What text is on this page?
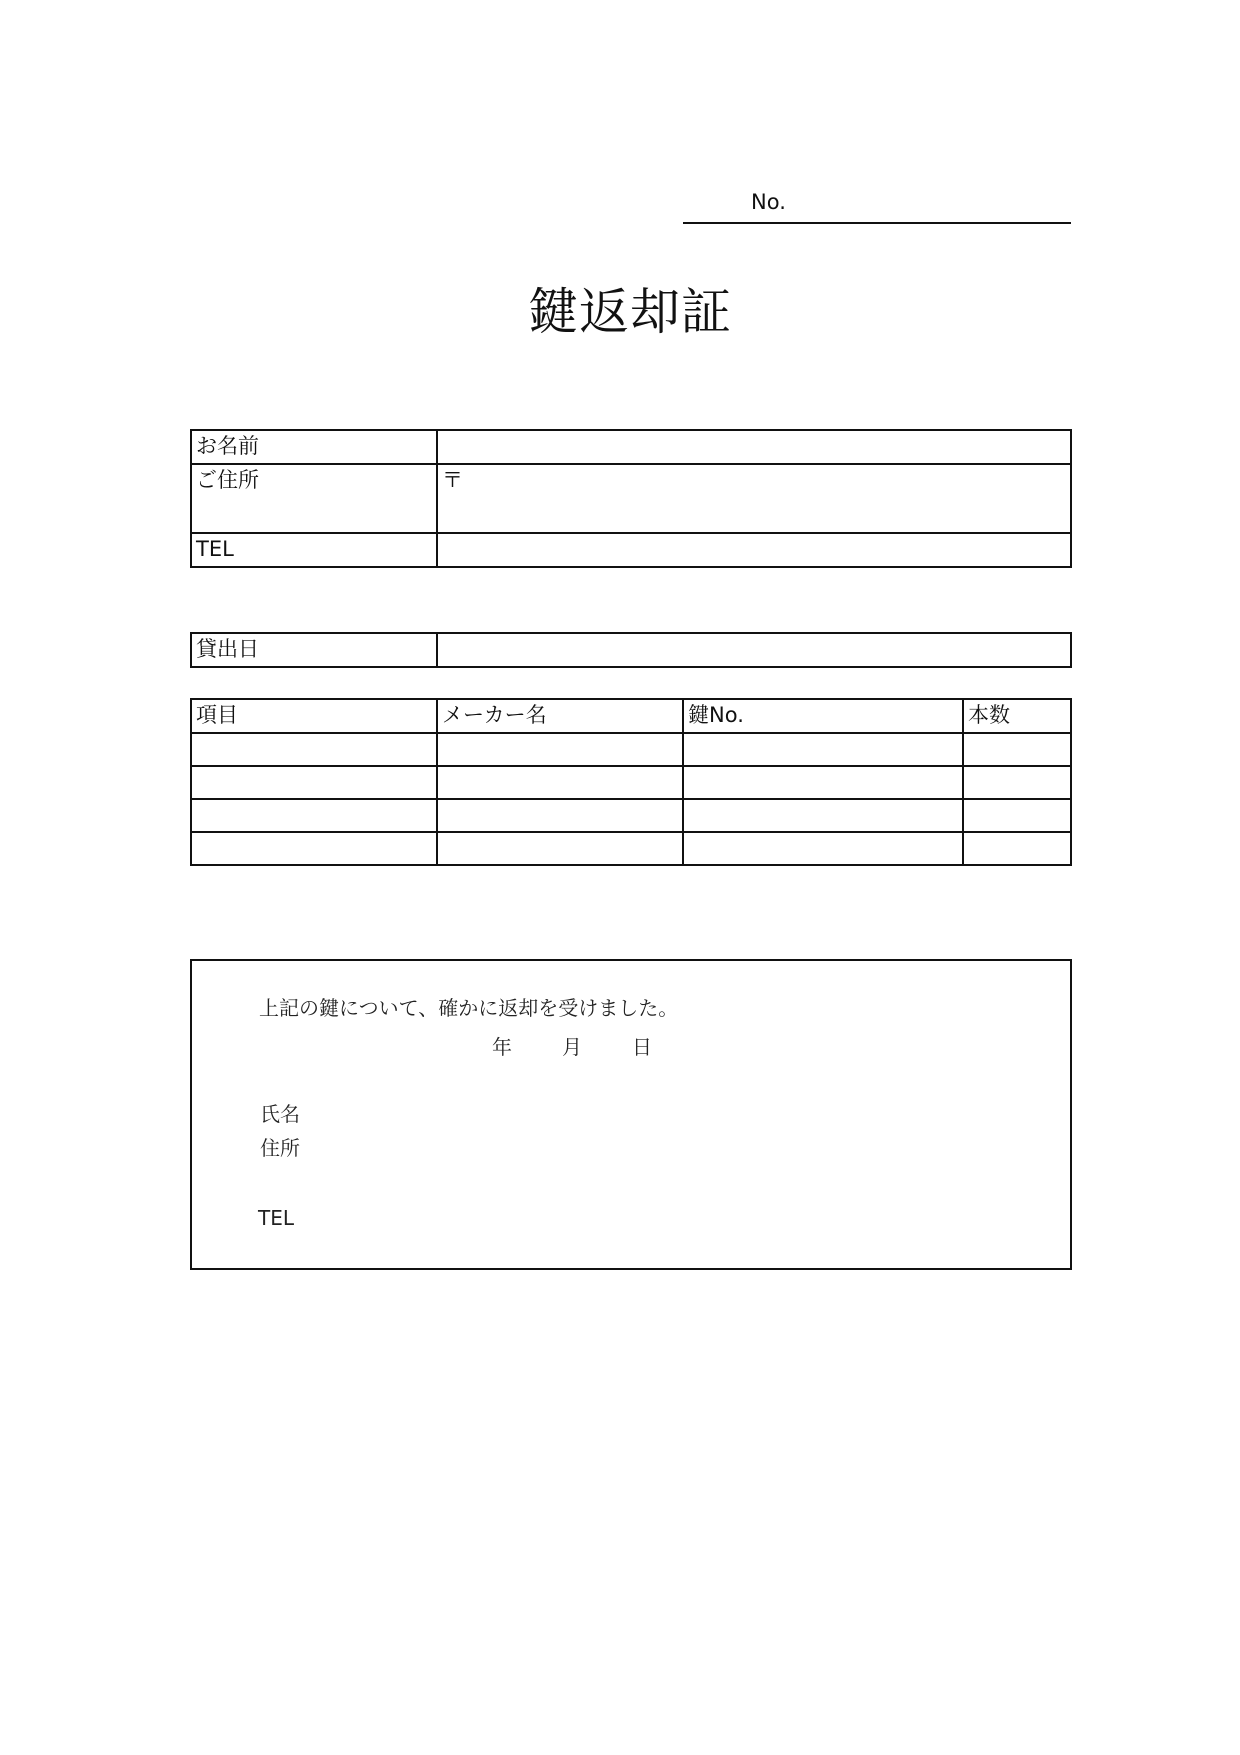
No.
鍵返却証
お名前	
ご住所	〒
TEL	
貸出日	
項目	メーカー名	鍵No.	本数

上記の鍵について、確かに返却を受けました。
年	月	日
氏名
住所
TEL
